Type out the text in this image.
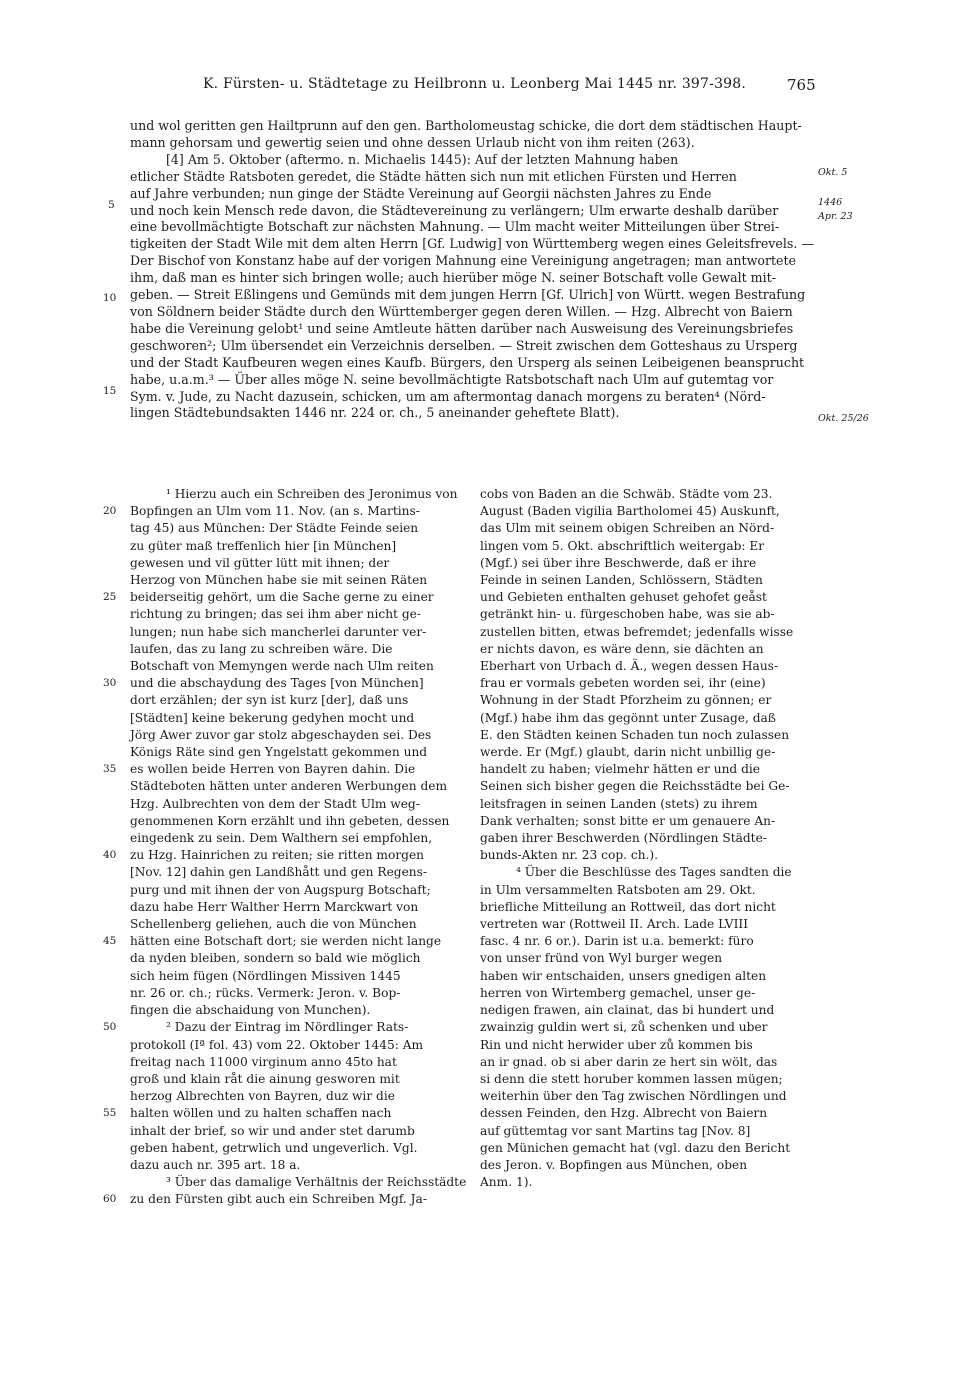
K. Fürsten- u. Städtetage zu Heilbronn u. Leonberg Mai 1445 nr. 397-398.	765
und wol geritten gen Hailtprunn auf den gen. Bartholomeustag schicke, die dort dem städtischen Haupt-
mann gehorsam und gewertig seien und ohne dessen Urlaub nicht von ihm reiten (263).
[4] Am 5. Oktober (aftermo. n. Michaelis 1445): Auf der letzten Mahnung haben
etlicher Städte Ratsboten geredet, die Städte hätten sich nun mit etlichen Fürsten und Herren
auf Jahre verbunden; nun ginge der Städte Vereinung auf Georgii nächsten Jahres zu Ende
und noch kein Mensch rede davon, die Städtevereinung zu verlängern; Ulm erwarte deshalb darüber
eine bevollmächtigte Botschaft zur nächsten Mahnung. — Ulm macht weiter Mitteilungen über Strei-
tigkeiten der Stadt Wile mit dem alten Herrn [Gf. Ludwig] von Württemberg wegen eines Geleitsfrevels. —
Der Bischof von Konstanz habe auf der vorigen Mahnung eine Vereinigung angetragen; man antwortete
ihm, daß man es hinter sich bringen wolle; auch hierüber möge N. seiner Botschaft volle Gewalt mit-
geben. — Streit Eßlingens und Gemünds mit dem jungen Herrn [Gf. Ulrich] von Württ. wegen Bestrafung
von Söldnern beider Städte durch den Württemberger gegen deren Willen. — Hzg. Albrecht von Baiern
habe die Vereinung gelobt¹ und seine Amtleute hätten darüber nach Ausweisung des Vereinungsbriefes
geschworen²; Ulm übersendet ein Verzeichnis derselben. — Streit zwischen dem Gotteshaus zu Ursperg
und der Stadt Kaufbeuren wegen eines Kaufb. Bürgers, den Ursperg als seinen Leibeigenen beansprucht
habe, u.a.m.³ — Über alles möge N. seine bevollmächtigte Ratsbotschaft nach Ulm auf gutemtag vor
Sym. v. Jude, zu Nacht dazusein, schicken, um am aftermontag danach morgens zu beraten⁴ (Nörd-
lingen Städtebundsakten 1446 nr. 224 or. ch., 5 aneinander geheftete Blatt).
5
10
15
Okt. 5
1446
Apr. 23
Okt. 25/26
¹ Hierzu auch ein Schreiben des Jeronimus von
Bopfingen an Ulm vom 11. Nov. (an s. Martins-
tag 45) aus München: Der Städte Feinde seien
zu güter maß treffenlich hier [in München]
gewesen und vil gütter lütt mit ihnen; der
Herzog von München habe sie mit seinen Räten
beiderseitig gehört, um die Sache gerne zu einer
richtung zu bringen; das sei ihm aber nicht ge-
lungen; nun habe sich mancherlei darunter ver-
laufen, das zu lang zu schreiben wäre. Die
Botschaft von Memyngen werde nach Ulm reiten
und die abschaydung des Tages [von München]
dort erzählen; der syn ist kurz [der], daß uns
[Städten] keine bekerung gedyhen mocht und
Jörg Awer zuvor gar stolz abgeschayden sei. Des
Königs Räte sind gen Yngelstatt gekommen und
es wollen beide Herren von Bayren dahin. Die
Städteboten hätten unter anderen Werbungen dem
Hzg. Aulbrechten von dem der Stadt Ulm weg-
genommenen Korn erzählt und ihn gebeten, dessen
eingedenk zu sein. Dem Walthern sei empfohlen,
zu Hzg. Hainrichen zu reiten; sie ritten morgen
[Nov. 12] dahin gen Landßhått und gen Regens-
purg und mit ihnen der von Augspurg Botschaft;
dazu habe Herr Walther Herrn Marckwart von
Schellenberg geliehen, auch die von München
hätten eine Botschaft dort; sie werden nicht lange
da nyden bleiben, sondern so bald wie möglich
sich heim fügen (Nördlingen Missiven 1445
nr. 26 or. ch.; rücks. Vermerk: Jeron. v. Bop-
fingen die abschaidung von Munchen).
² Dazu der Eintrag im Nördlinger Rats-
protokoll (Iª fol. 43) vom 22. Oktober 1445: Am
freitag nach 11000 virginum anno 45to hat
groß und klain råt die ainung gesworen mit
herzog Albrechten von Bayren, duz wir die
halten wöllen und zu halten schaffen nach
inhalt der brief, so wir und ander stet darumb
geben habent, getrwlich und ungeverlich. Vgl.
dazu auch nr. 395 art. 18 a.
³ Über das damalige Verhältnis der Reichsstädte
zu den Fürsten gibt auch ein Schreiben Mgf. Ja-
cobs von Baden an die Schwäb. Städte vom 23.
August (Baden vigilia Bartholomei 45) Auskunft,
das Ulm mit seinem obigen Schreiben an Nörd-
lingen vom 5. Okt. abschriftlich weitergab: Er
(Mgf.) sei über ihre Beschwerde, daß er ihre
Feinde in seinen Landen, Schlössern, Städten
und Gebieten enthalten gehuset gehofet geåst
getränkt hin- u. fürgeschoben habe, was sie ab-
zustellen bitten, etwas befremdet; jedenfalls wisse
er nichts davon, es wäre denn, sie dächten an
Eberhart von Urbach d. Ä., wegen dessen Haus-
frau er vormals gebeten worden sei, ihr (eine)
Wohnung in der Stadt Pforzheim zu gönnen; er
(Mgf.) habe ihm das gegönnt unter Zusage, daß
E. den Städten keinen Schaden tun noch zulassen
werde. Er (Mgf.) glaubt, darin nicht unbillig ge-
handelt zu haben; vielmehr hätten er und die
Seinen sich bisher gegen die Reichsstädte bei Ge-
leitsfragen in seinen Landen (stets) zu ihrem
Dank verhalten; sonst bitte er um genauere An-
gaben ihrer Beschwerden (Nördlingen Städte-
bunds-Akten nr. 23 cop. ch.).
⁴ Über die Beschlüsse des Tages sandten die
in Ulm versammelten Ratsboten am 29. Okt.
briefliche Mitteilung an Rottweil, das dort nicht
vertreten war (Rottweil II. Arch. Lade LVIII
fasc. 4 nr. 6 or.). Darin ist u.a. bemerkt: füro
von unser fründ von Wyl burger wegen
haben wir entschaiden, unsers gnedigen alten
herren von Wirtemberg gemachel, unser ge-
nedigen frawen, ain clainat, das bi hundert und
zwainzig guldin wert si, zů schenken und uber
Rin und nicht herwider uber zů kommen bis
an ir gnad. ob si aber darin ze hert sin wölt, das
si denn die stett horuber kommen lassen mügen;
weiterhin über den Tag zwischen Nördlingen und
dessen Feinden, den Hzg. Albrecht von Baiern
auf güttemtag vor sant Martins tag [Nov. 8]
gen Münichen gemacht hat (vgl. dazu den Bericht
des Jeron. v. Bopfingen aus München, oben
Anm. 1).
20
25
30
35
40
45
50
55
60
